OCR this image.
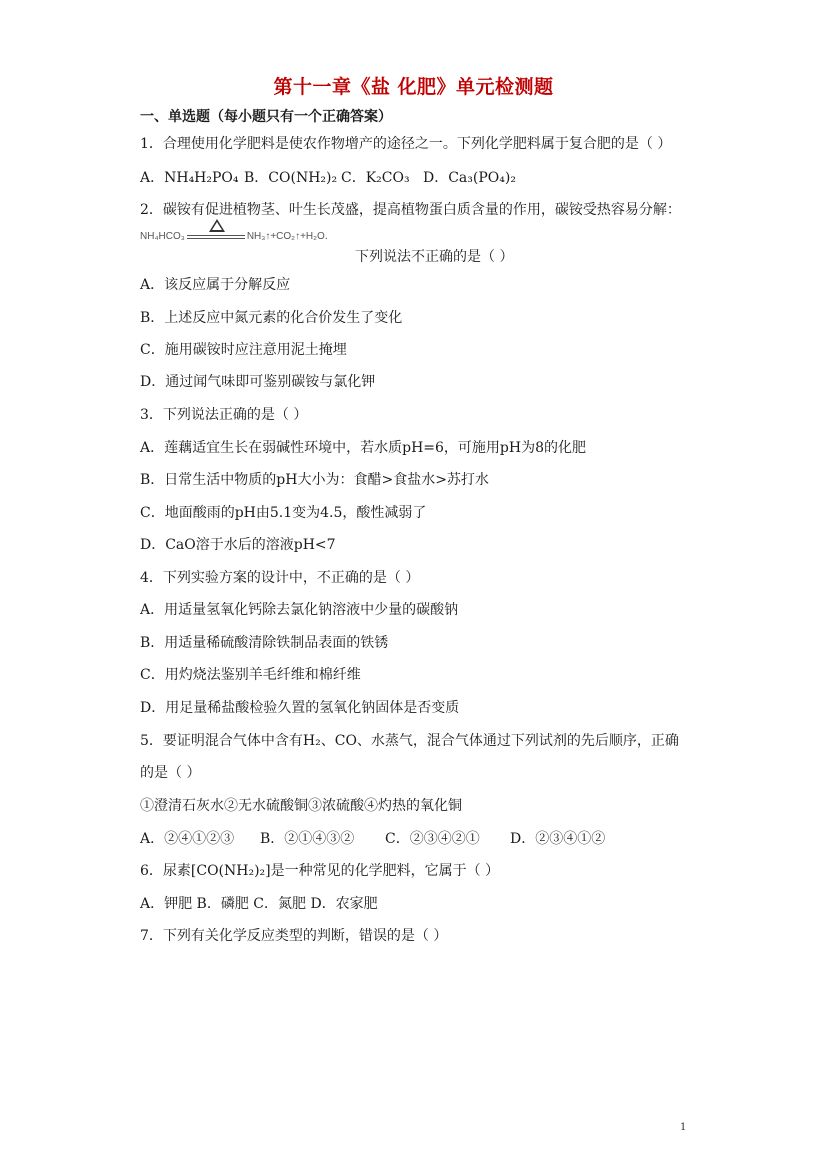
第十一章《盐 化肥》单元检测题
一、单选题（每小题只有一个正确答案）
1．合理使用化学肥料是使农作物增产的途径之一。下列化学肥料属于复合肥的是（ ）
A．NH₄H₂PO₄ B．CO(NH₂)₂ C．K₂CO₃ D．Ca₃(PO₄)₂
2．碳铵有促进植物茎、叶生长茂盛，提高植物蛋白质含量的作用，碳铵受热容易分解：
NH₄HCO₃	NH₃↑+CO₂↑+H₂O．
下列说法不正确的是（ ）
A．该反应属于分解反应
B．上述反应中氮元素的化合价发生了变化
C．施用碳铵时应注意用泥土掩埋
D．通过闻气味即可鉴别碳铵与氯化钾
3．下列说法正确的是（ ）
A．莲藕适宜生长在弱碱性环境中，若水质pH=6，可施用pH为8的化肥
B．日常生活中物质的pH大小为：食醋>食盐水>苏打水
C．地面酸雨的pH由5.1变为4.5，酸性减弱了
D．CaO溶于水后的溶液pH<7
4．下列实验方案的设计中，不正确的是（ ）
A．用适量氢氧化钙除去氯化钠溶液中少量的碳酸钠
B．用适量稀硫酸清除铁制品表面的铁锈
C．用灼烧法鉴别羊毛纤维和棉纤维
D．用足量稀盐酸检验久置的氢氧化钠固体是否变质
5．要证明混合气体中含有H₂、CO、水蒸气，混合气体通过下列试剂的先后顺序，正确
的是（ ）
①澄清石灰水②无水硫酸铜③浓硫酸④灼热的氧化铜
A．②④①②③	B．②①④③②	C．②③④②①	D．②③④①②
6．尿素[CO(NH₂)₂]是一种常见的化学肥料，它属于（ ）
A．钾肥 B．磷肥 C．氮肥 D．农家肥
7．下列有关化学反应类型的判断，错误的是（ ）
1
